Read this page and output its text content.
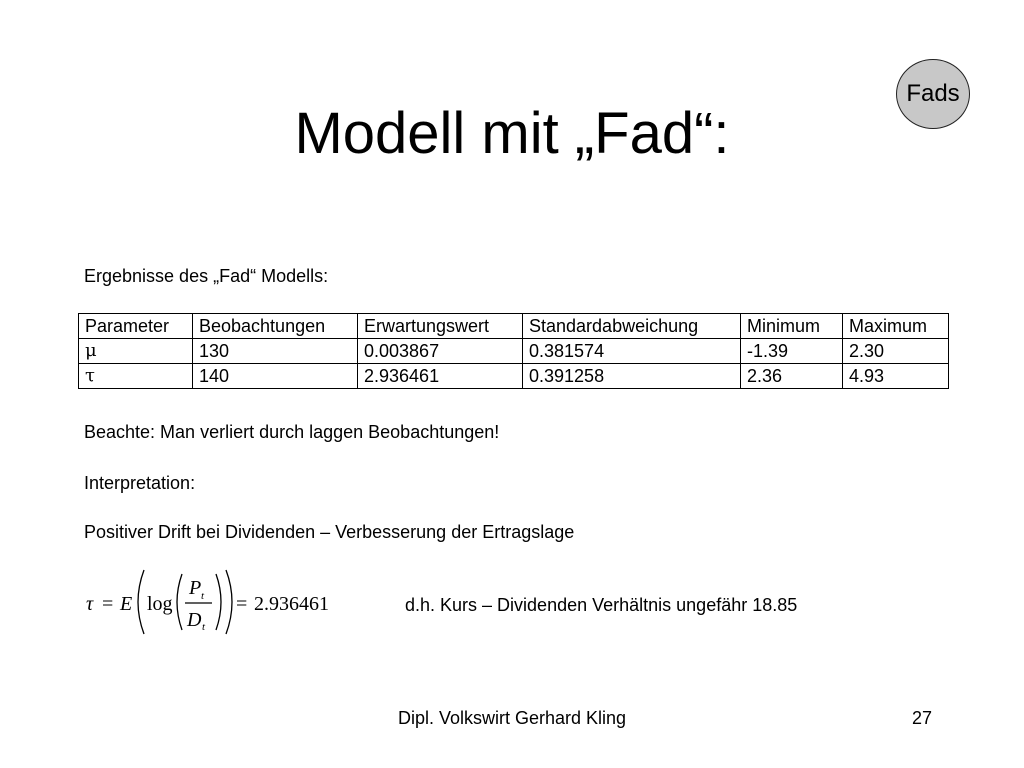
Fads
Modell mit „Fad“:

Ergebnisse des „Fad“ Modells:

Parameter	Beobachtungen	Erwartungswert	Standardabweichung	Minimum	Maximum
μ	130	0.003867	0.381574	-1.39	2.30
τ	140	2.936461	0.391258	2.36	4.93

Beachte: Man verliert durch laggen Beobachtungen!

Interpretation:

Positiver Drift bei Dividenden – Verbesserung der Ertragslage

τ = E log
P t
D t
= 2.936461	d.h. Kurs – Dividenden Verhältnis ungefähr 18.85

Dipl. Volkswirt Gerhard Kling	27
